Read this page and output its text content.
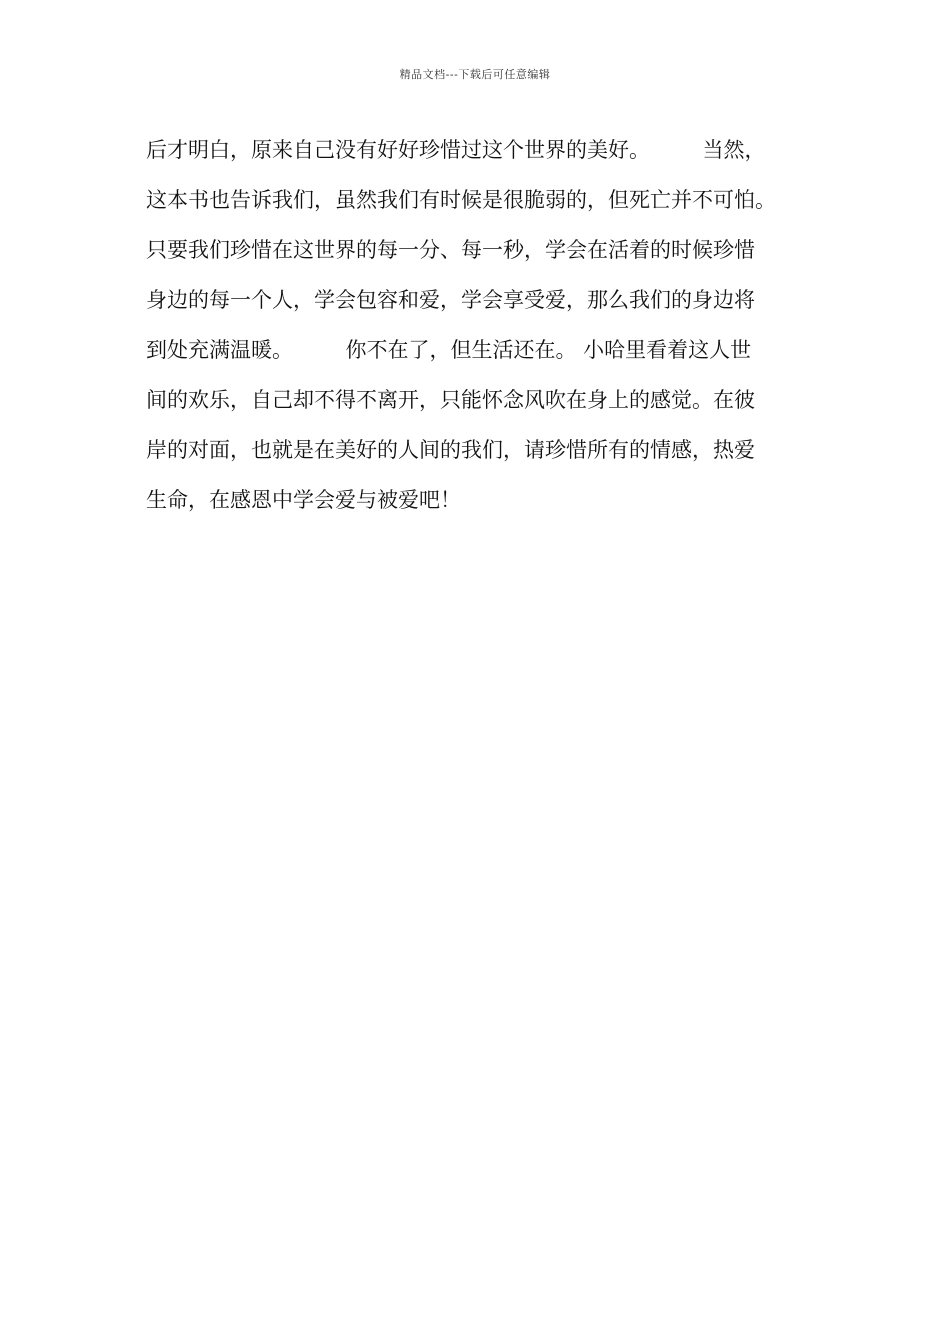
精品文档---下载后可任意编辑
后才明白，原来自己没有好好珍惜过这个世界的美好。　　　当然，
这本书也告诉我们，虽然我们有时候是很脆弱的，但死亡并不可怕。
只要我们珍惜在这世界的每一分、每一秒，学会在活着的时候珍惜
身边的每一个人，学会包容和爱，学会享受爱，那么我们的身边将
到处充满温暖。　　　你不在了，但生活还在。 小哈里看着这人世
间的欢乐，自己却不得不离开，只能怀念风吹在身上的感觉。在彼
岸的对面，也就是在美好的人间的我们，请珍惜所有的情感，热爱
生命，在感恩中学会爱与被爱吧！
